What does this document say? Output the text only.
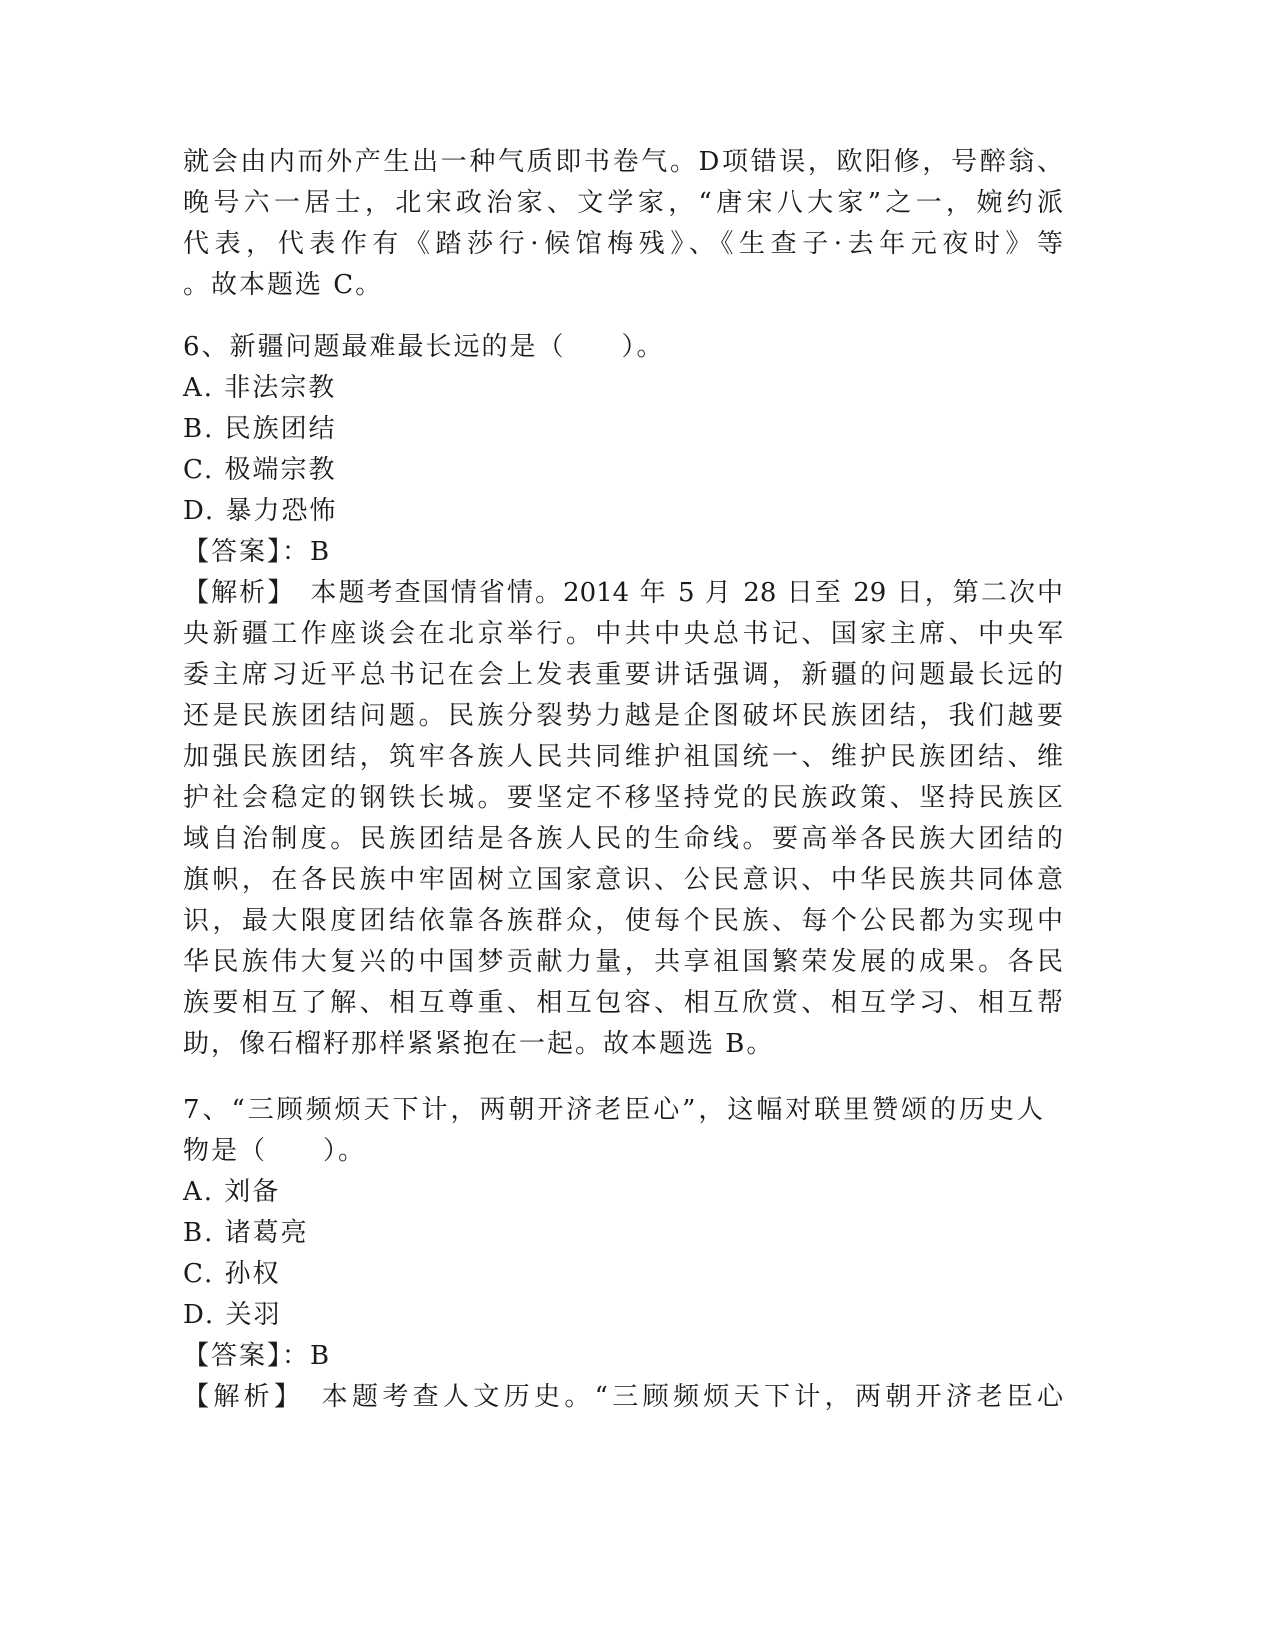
就会由内而外产生出一种气质即书卷气。D项错误，欧阳修，号醉翁、
晚号六一居士，北宋政治家、文学家，“唐宋八大家”之一，婉约派
代表，代表作有《踏莎行·候馆梅残》、《生查子·去年元夜时》等
。故本题选 C。
6、新疆问题最难最长远的是（　　）。
A. 非法宗教
B. 民族团结
C. 极端宗教
D. 暴力恐怖
【答案】：B
【解析】　本题考查国情省情。2014 年 5 月 28 日至 29 日，第二次中
央新疆工作座谈会在北京举行。中共中央总书记、国家主席、中央军
委主席习近平总书记在会上发表重要讲话强调，新疆的问题最长远的
还是民族团结问题。民族分裂势力越是企图破坏民族团结，我们越要
加强民族团结，筑牢各族人民共同维护祖国统一、维护民族团结、维
护社会稳定的钢铁长城。要坚定不移坚持党的民族政策、坚持民族区
域自治制度。民族团结是各族人民的生命线。要高举各民族大团结的
旗帜，在各民族中牢固树立国家意识、公民意识、中华民族共同体意
识，最大限度团结依靠各族群众，使每个民族、每个公民都为实现中
华民族伟大复兴的中国梦贡献力量，共享祖国繁荣发展的成果。各民
族要相互了解、相互尊重、相互包容、相互欣赏、相互学习、相互帮
助，像石榴籽那样紧紧抱在一起。故本题选 B。
7、“三顾频烦天下计，两朝开济老臣心”，这幅对联里赞颂的历史人
物是（　　）。
A. 刘备
B. 诸葛亮
C. 孙权
D. 关羽
【答案】：B
【解析】　本题考查人文历史。“三顾频烦天下计，两朝开济老臣心
